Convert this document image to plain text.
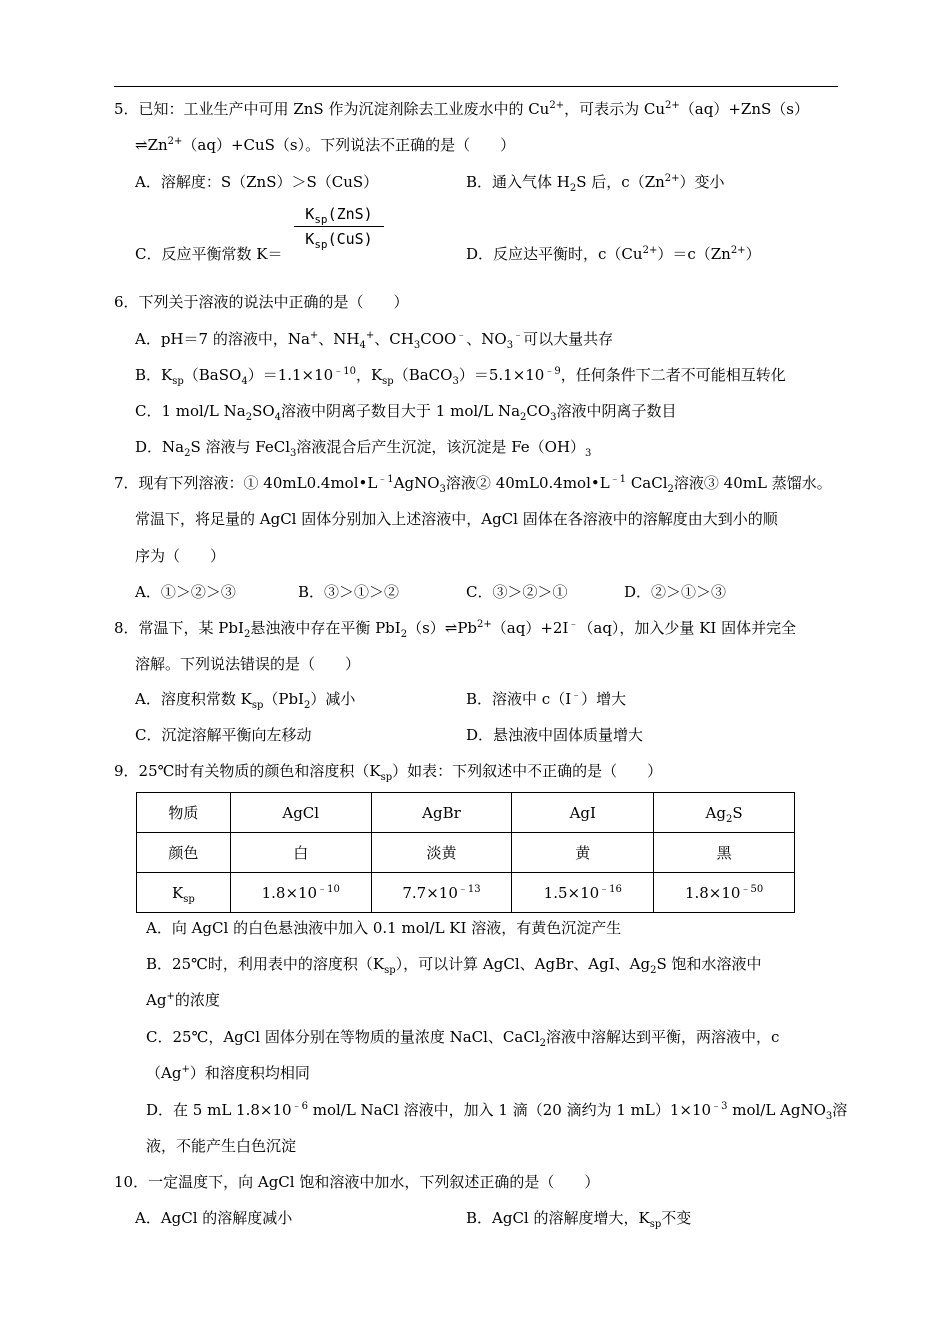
5．已知：工业生产中可用 ZnS 作为沉淀剂除去工业废水中的 $Cu^{2+}$，可表示为 $Cu^{2+}(aq)+ZnS(s)$
$\rightleftharpoons Zn^{2+}(aq)+CuS(s)$。下列说法不正确的是（　　）
A．溶解度：S（ZnS）＞S（CuS）	B．通入气体 $H_2S$ 后，$c(Zn^{2+})$变小
C．反应平衡常数 K＝
$K_{sp}(ZnS)$
$K_{sp}(CuS)$
D．反应达平衡时，$c(Cu^{2+})=c(Zn^{2+})$
6．下列关于溶液的说法中正确的是（　　）
A．pH＝7 的溶液中，Na+、$NH_4^+$、$CH_3COO^﹣$、$NO_3^﹣$可以大量共存
B．$K_{sp}(BaSO_4)=1.1\times 10^{﹣10}$，$K_{sp}(BaCO_3)=5.1\times 10^{﹣9}$，任何条件下二者不可能相互转化
C．1 mol/L $Na_2SO_4$溶液中阴离子数目大于 1 mol/L $Na_2CO_3$溶液中阴离子数目
D．$Na_2S$ 溶液与 FeCl$_3$溶液混合后产生沉淀，该沉淀是 $Fe(OH)_3$
7．现有下列溶液：① $40mL0.4mol•L^{﹣1}AgNO_3$溶液② $40mL0.4mol•L^{﹣1}$ CaCl$_2$溶液③ 40mL 蒸馏水。
常温下，将足量的 AgCl 固体分别加入上述溶液中，AgCl 固体在各溶液中的溶解度由大到小的顺
序为（　　）
A．①＞②＞③	B．③＞①＞②	C．③＞②＞①	D．②＞①＞③
8．常温下，某 PbI$_2$悬浊液中存在平衡 $PbI_2(s)\rightleftharpoons Pb^{2+}(aq)+2I^﹣(aq)$，加入少量 KI 固体并完全
溶解。下列说法错误的是（　　）
A．溶度积常数 $K_{sp}(PbI_2)$减小	B．溶液中 c（I﹣）增大
C．沉淀溶解平衡向左移动	D．悬浊液中固体质量增大
9．25℃时有关物质的颜色和溶度积$(K_{sp})$如表：下列叙述中不正确的是（　　）
物质	AgCl	AgBr	AgI	$Ag_2S$
颜色	白	淡黄	黄	黑
$K_{sp}$	$1.8\times 10^{﹣10}$	$7.7\times 10^{﹣13}$	$1.5\times 10^{﹣16}$	$1.8\times 10^{﹣50}$
A．向 AgCl 的白色悬浊液中加入 0.1 mol/L KI 溶液，有黄色沉淀产生
B．25℃时，利用表中的溶度积$(K_{sp})$，可以计算 AgCl、AgBr、AgI、$Ag_2S$ 饱和水溶液中
Ag+的浓度
C．25℃，AgCl 固体分别在等物质的量浓度 NaCl、CaCl$_2$溶液中溶解达到平衡，两溶液中，c
（Ag+）和溶度积均相同
D．在 5 mL $1.8\times 10^{﹣6}$ mol/L NaCl 溶液中，加入 1 滴（20 滴约为 1 $mL)1\times 10^{﹣3}$ mol/L AgNO$_3$溶
液，不能产生白色沉淀
10．一定温度下，向 AgCl 饱和溶液中加水，下列叙述正确的是（　　）
A．AgCl 的溶解度减小	B．AgCl 的溶解度增大，$K_{sp}$不变
